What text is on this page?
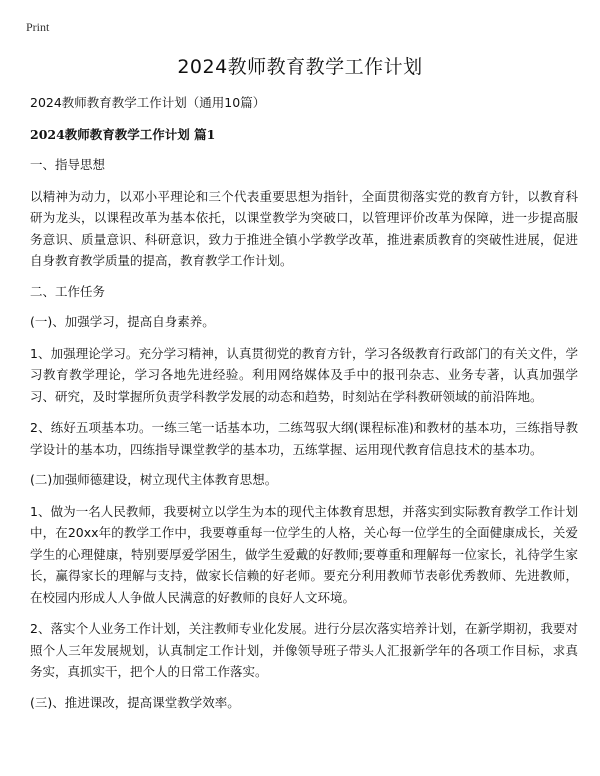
Print
2024教师教育教学工作计划

2024教师教育教学工作计划（通用10篇）

2024教师教育教学工作计划 篇1

一、指导思想

以精神为动力，以邓小平理论和三个代表重要思想为指针，全面贯彻落实党的教育方针，以教育科研为龙头，以课程改革为基本依托，以课堂教学为突破口，以管理评价改革为保障，进一步提高服务意识、质量意识、科研意识，致力于推进全镇小学教学改革，推进素质教育的突破性进展，促进自身教育教学质量的提高，教育教学工作计划。

二、工作任务

(一)、加强学习，提高自身素养。

1、加强理论学习。充分学习精神，认真贯彻党的教育方针，学习各级教育行政部门的有关文件，学习教育教学理论，学习各地先进经验。利用网络媒体及手中的报刊杂志、业务专著，认真加强学习、研究，及时掌握所负责学科教学发展的动态和趋势，时刻站在学科教研领域的前沿阵地。

2、练好五项基本功。一练三笔一话基本功，二练驾驭大纲(课程标准)和教材的基本功，三练指导教学设计的基本功，四练指导课堂教学的基本功，五练掌握、运用现代教育信息技术的基本功。

(二)加强师德建设，树立现代主体教育思想。

1、做为一名人民教师，我要树立以学生为本的现代主体教育思想，并落实到实际教育教学工作计划中，在20xx年的教学工作中，我要尊重每一位学生的人格，关心每一位学生的全面健康成长，关爱学生的心理健康，特别要厚爱学困生，做学生爱戴的好教师;要尊重和理解每一位家长，礼待学生家长，赢得家长的理解与支持，做家长信赖的好老师。要充分利用教师节表彰优秀教师、先进教师，在校园内形成人人争做人民满意的好教师的良好人文环境。

2、落实个人业务工作计划，关注教师专业化发展。进行分层次落实培养计划，在新学期初，我要对照个人三年发展规划，认真制定工作计划，并像领导班子带头人汇报新学年的各项工作目标，求真务实，真抓实干，把个人的日常工作落实。

(三)、推进课改，提高课堂教学效率。
